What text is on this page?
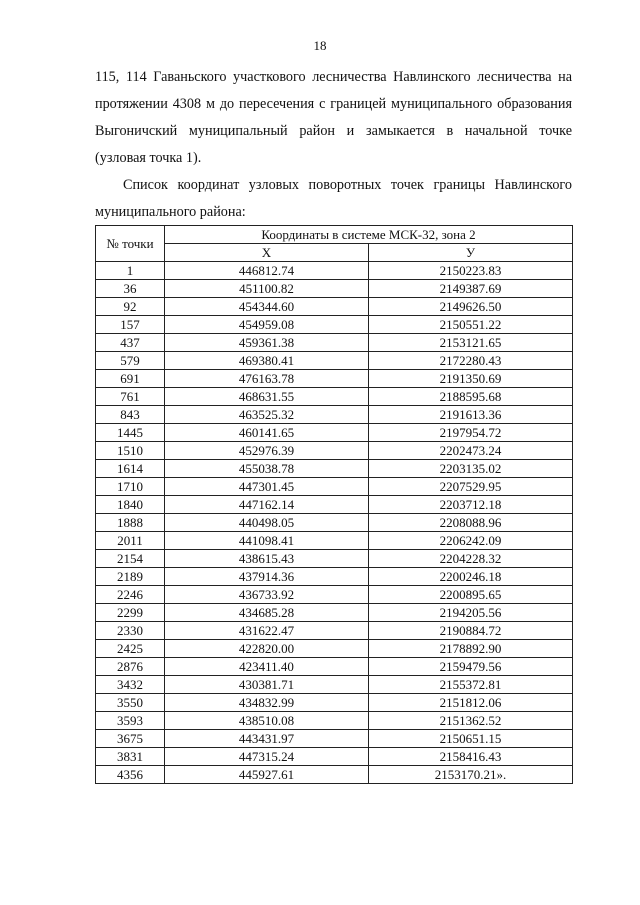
18
115, 114 Гаваньского участкового лесничества Навлинского лесничества на
протяжении 4308 м до пересечения с границей муниципального образования
Выгоничский муниципальный район и замыкается в начальной точке
(узловая точка 1).
Список координат узловых поворотных точек границы Навлинского
муниципального района:
№ точки	Координаты в системе МСК-32, зона 2	
	X	У
1	446812.74	2150223.83
36	451100.82	2149387.69
92	454344.60	2149626.50
157	454959.08	2150551.22
437	459361.38	2153121.65
579	469380.41	2172280.43
691	476163.78	2191350.69
761	468631.55	2188595.68
843	463525.32	2191613.36
1445	460141.65	2197954.72
1510	452976.39	2202473.24
1614	455038.78	2203135.02
1710	447301.45	2207529.95
1840	447162.14	2203712.18
1888	440498.05	2208088.96
2011	441098.41	2206242.09
2154	438615.43	2204228.32
2189	437914.36	2200246.18
2246	436733.92	2200895.65
2299	434685.28	2194205.56
2330	431622.47	2190884.72
2425	422820.00	2178892.90
2876	423411.40	2159479.56
3432	430381.71	2155372.81
3550	434832.99	2151812.06
3593	438510.08	2151362.52
3675	443431.97	2150651.15
3831	447315.24	2158416.43
4356	445927.61	2153170.21».
